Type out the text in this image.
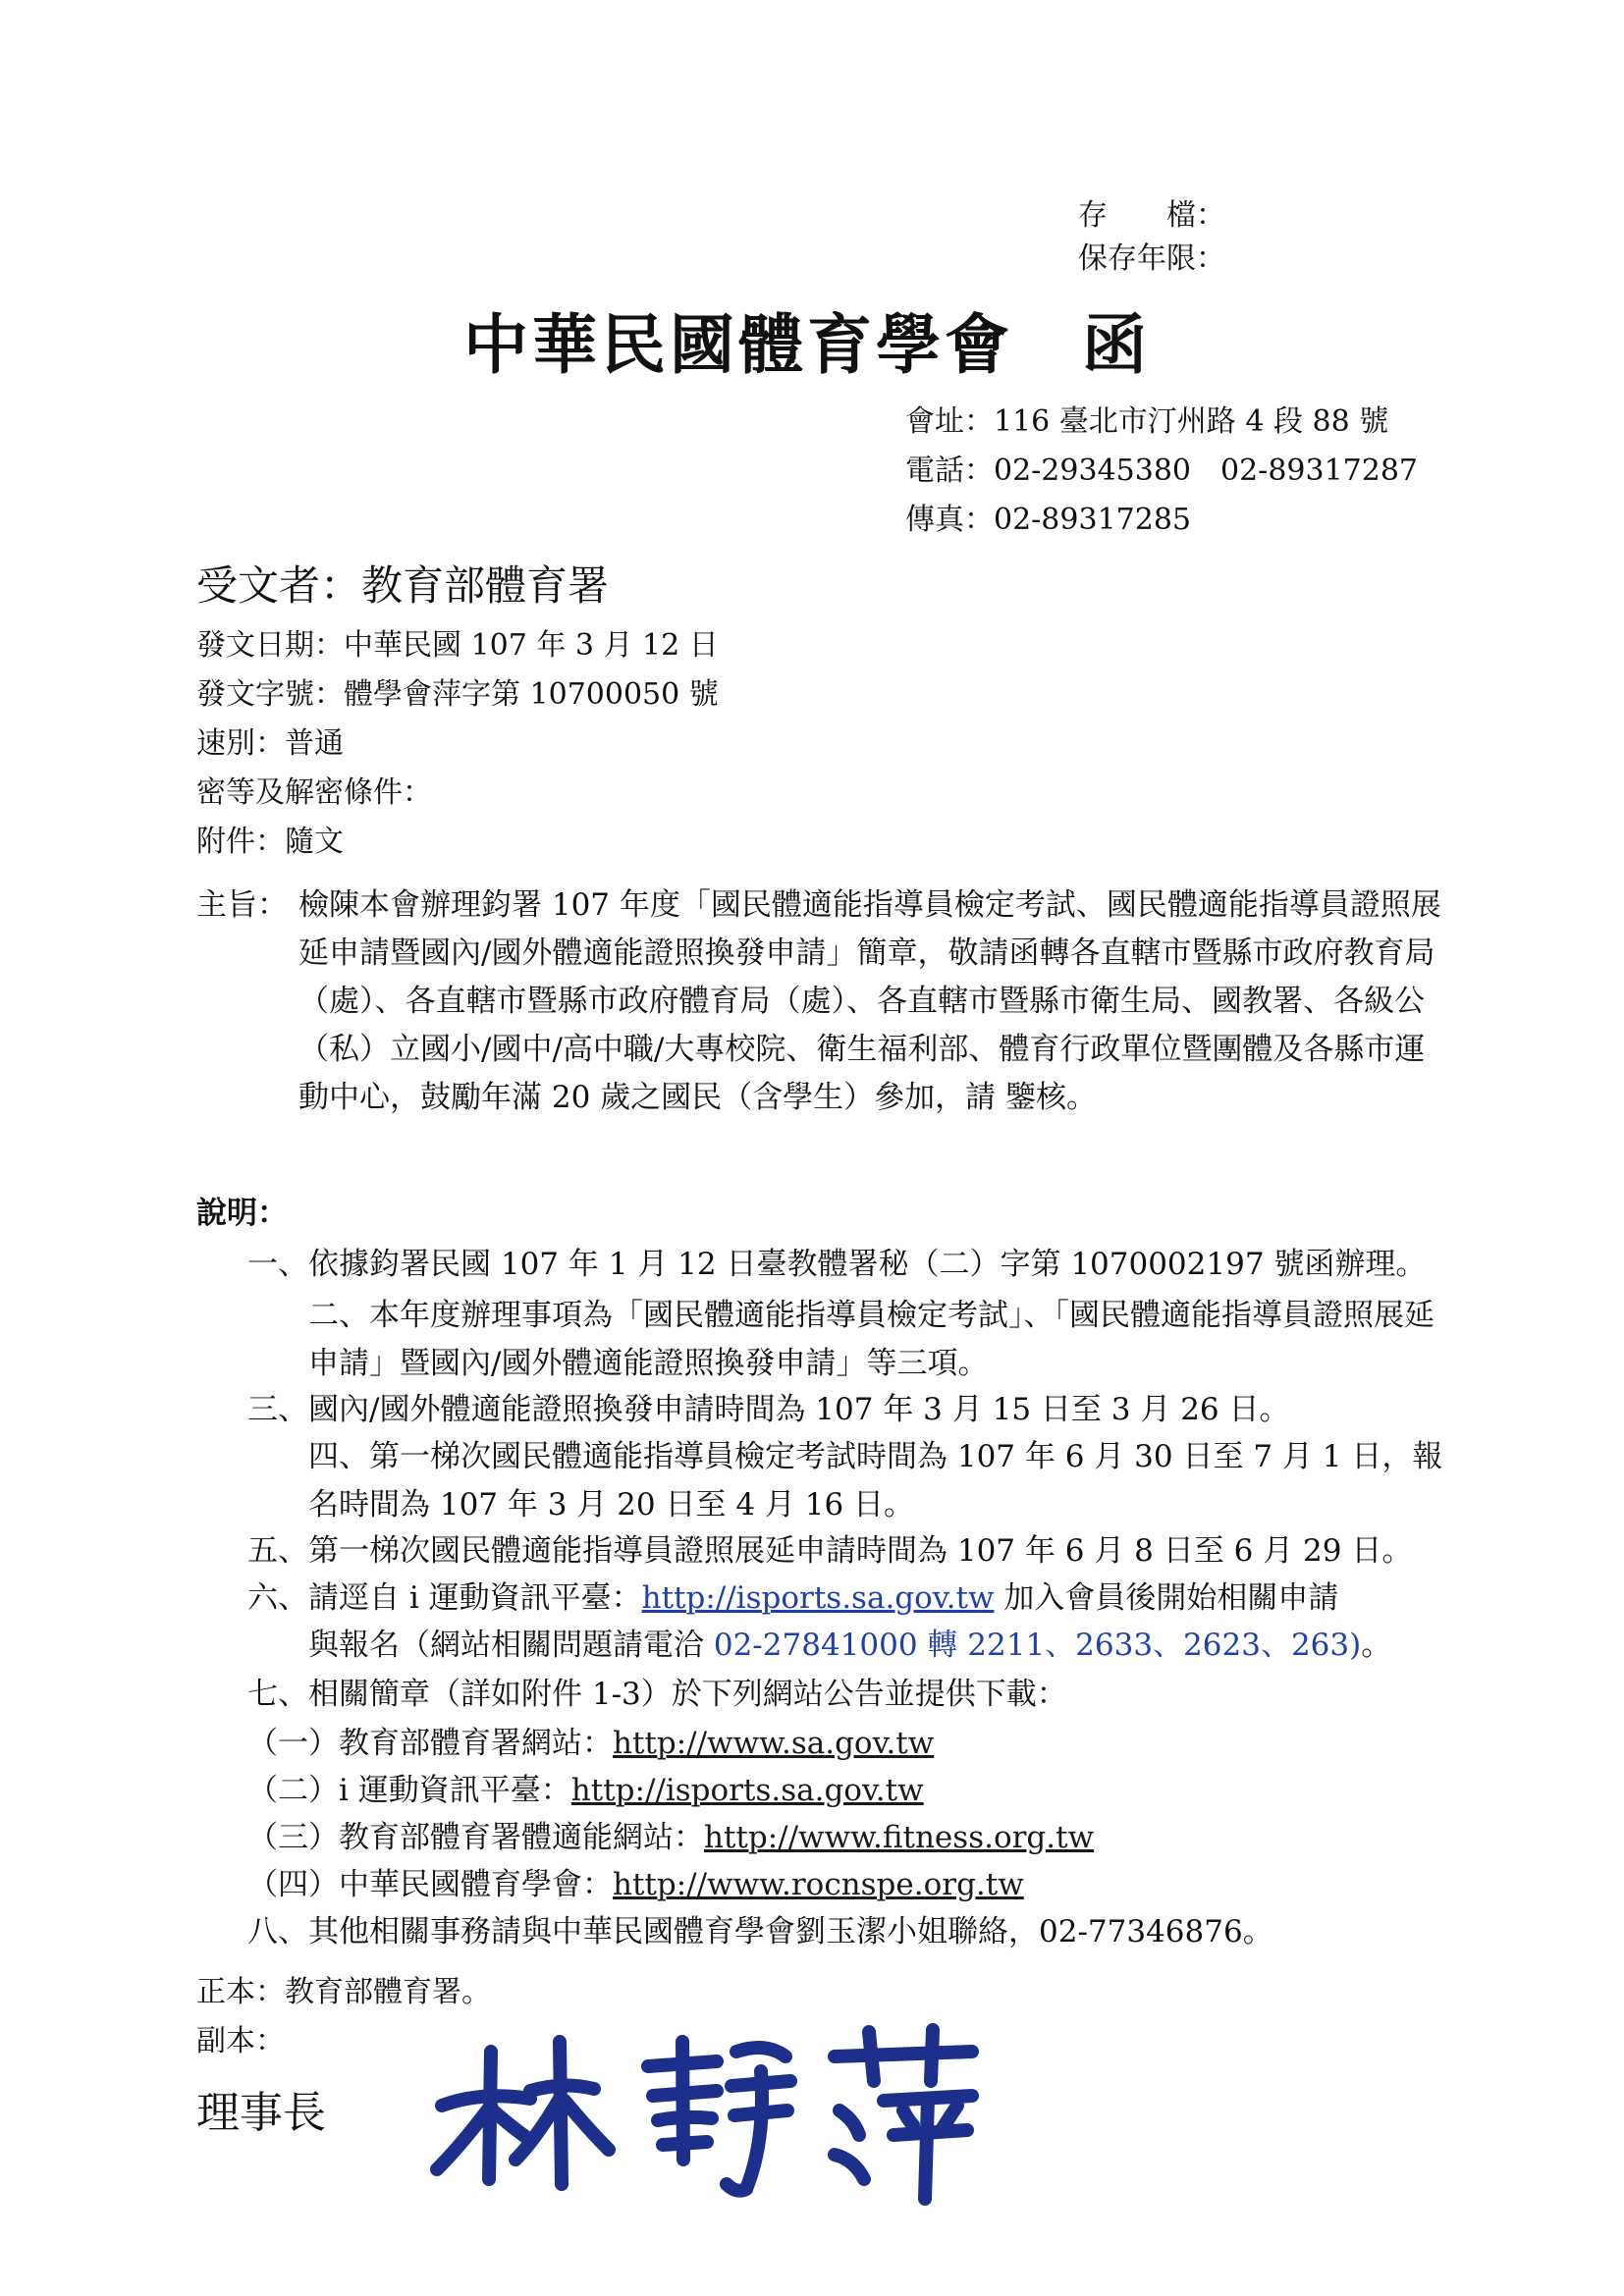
存　　檔：
保存年限：
中華民國體育學會　函
會址：116 臺北市汀州路 4 段 88 號
電話：02-29345380　02-89317287
傳真：02-89317285
受文者：教育部體育署
發文日期：中華民國 107 年 3 月 12 日
發文字號：體學會萍字第 10700050 號
速別：普通
密等及解密條件：
附件：隨文
主旨： 檢陳本會辦理鈞署 107 年度「國民體適能指導員檢定考試、國民體適能指導員證照展延申請暨國內/國外體適能證照換發申請」簡章，敬請函轉各直轄市暨縣市政府教育局（處）、各直轄市暨縣市政府體育局（處）、各直轄市暨縣市衛生局、國教署、各級公（私）立國小/國中/高中職/大專校院、衛生福利部、體育行政單位暨團體及各縣市運動中心，鼓勵年滿 20 歲之國民（含學生）參加，請 鑒核。
說明：
一、依據鈞署民國 107 年 1 月 12 日臺教體署秘（二）字第 1070002197 號函辦理。
二、本年度辦理事項為「國民體適能指導員檢定考試」、「國民體適能指導員證照展延申請」暨國內/國外體適能證照換發申請」等三項。
三、國內/國外體適能證照換發申請時間為 107 年 3 月 15 日至 3 月 26 日。
四、第一梯次國民體適能指導員檢定考試時間為 107 年 6 月 30 日至 7 月 1 日，報名時間為 107 年 3 月 20 日至 4 月 16 日。
五、第一梯次國民體適能指導員證照展延申請時間為 107 年 6 月 8 日至 6 月 29 日。
六、請逕自 i 運動資訊平臺：http://isports.sa.gov.tw 加入會員後開始相關申請
與報名（網站相關問題請電洽 02-27841000 轉 2211、2633、2623、263)。
七、相關簡章（詳如附件 1-3）於下列網站公告並提供下載：
（一）教育部體育署網站：http://www.sa.gov.tw
（二）i 運動資訊平臺：http://isports.sa.gov.tw
（三）教育部體育署體適能網站：http://www.fitness.org.tw
（四）中華民國體育學會：http://www.rocnspe.org.tw
八、其他相關事務請與中華民國體育學會劉玉潔小姐聯絡，02-77346876。
正本：教育部體育署。
副本：
理事長
